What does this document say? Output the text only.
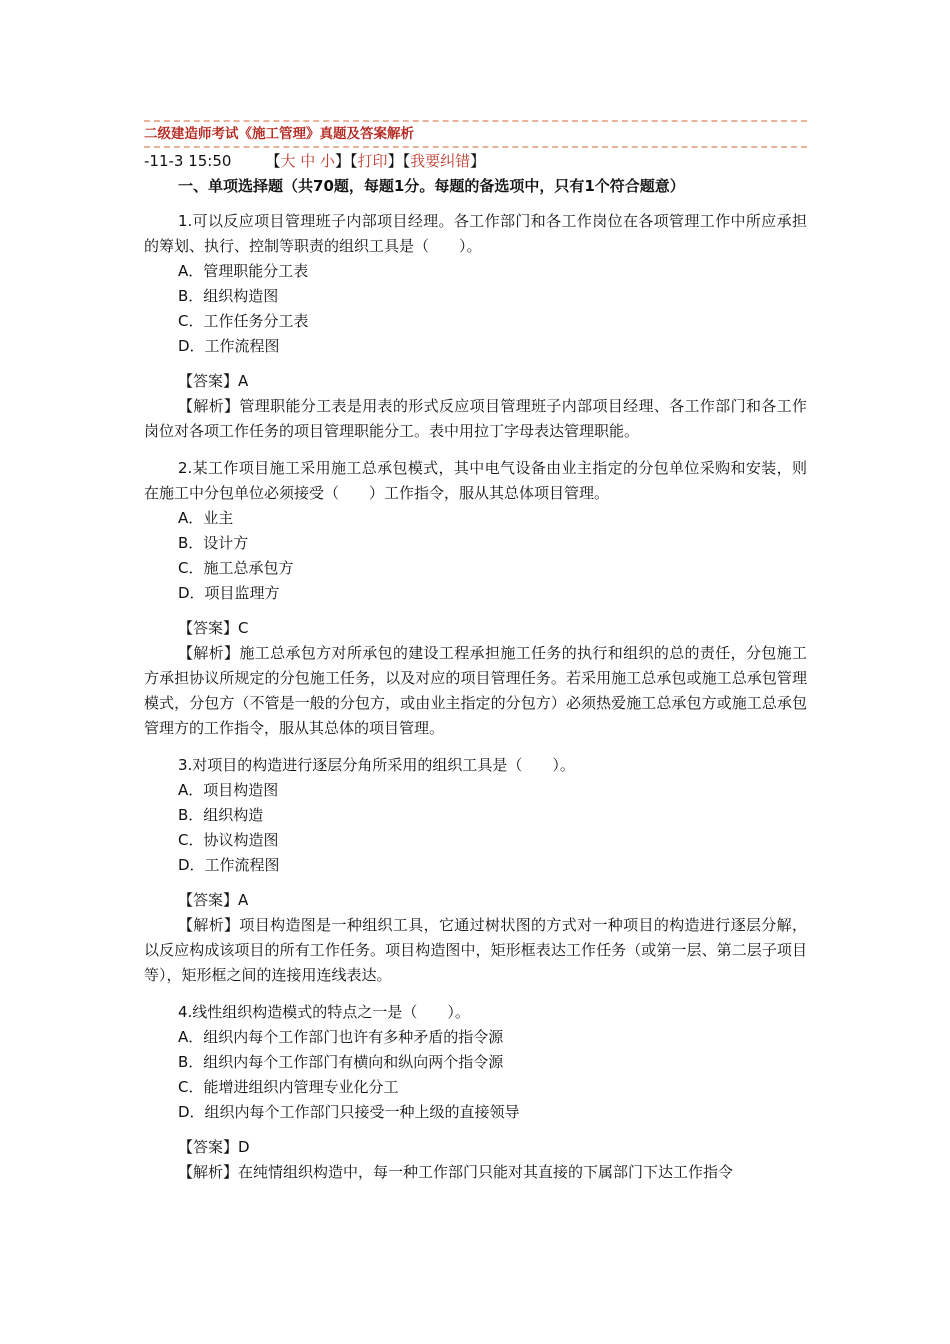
二级建造师考试《施工管理》真题及答案解析
-11-3 15:50 【大 中 小】【打印】【我要纠错】
一、单项选择题（共70题，每题1分。每题的备选项中，只有1个符合题意）
1.可以反应项目管理班子内部项目经理。各工作部门和各工作岗位在各项管理工作中所应承担的筹划、执行、控制等职责的组织工具是（　　）。
A．管理职能分工表
B．组织构造图
C．工作任务分工表
D．工作流程图
【答案】A
【解析】管理职能分工表是用表的形式反应项目管理班子内部项目经理、各工作部门和各工作岗位对各项工作任务的项目管理职能分工。表中用拉丁字母表达管理职能。
2.某工作项目施工采用施工总承包模式，其中电气设备由业主指定的分包单位采购和安装，则在施工中分包单位必须接受（　　）工作指令，服从其总体项目管理。
A．业主
B．设计方
C．施工总承包方
D．项目监理方
【答案】C
【解析】施工总承包方对所承包的建设工程承担施工任务的执行和组织的总的责任，分包施工方承担协议所规定的分包施工任务，以及对应的项目管理任务。若采用施工总承包或施工总承包管理模式，分包方（不管是一般的分包方，或由业主指定的分包方）必须热爱施工总承包方或施工总承包管理方的工作指令，服从其总体的项目管理。
3.对项目的构造进行逐层分角所采用的组织工具是（　　）。
A．项目构造图
B．组织构造
C．协议构造图
D．工作流程图
【答案】A
【解析】项目构造图是一种组织工具，它通过树状图的方式对一种项目的构造进行逐层分解，以反应构成该项目的所有工作任务。项目构造图中，矩形框表达工作任务（或第一层、第二层子项目等），矩形框之间的连接用连线表达。
4.线性组织构造模式的特点之一是（　　）。
A．组织内每个工作部门也许有多种矛盾的指令源
B．组织内每个工作部门有横向和纵向两个指令源
C．能增进组织内管理专业化分工
D．组织内每个工作部门只接受一种上级的直接领导
【答案】D
【解析】在纯情组织构造中，每一种工作部门只能对其直接的下属部门下达工作指令
